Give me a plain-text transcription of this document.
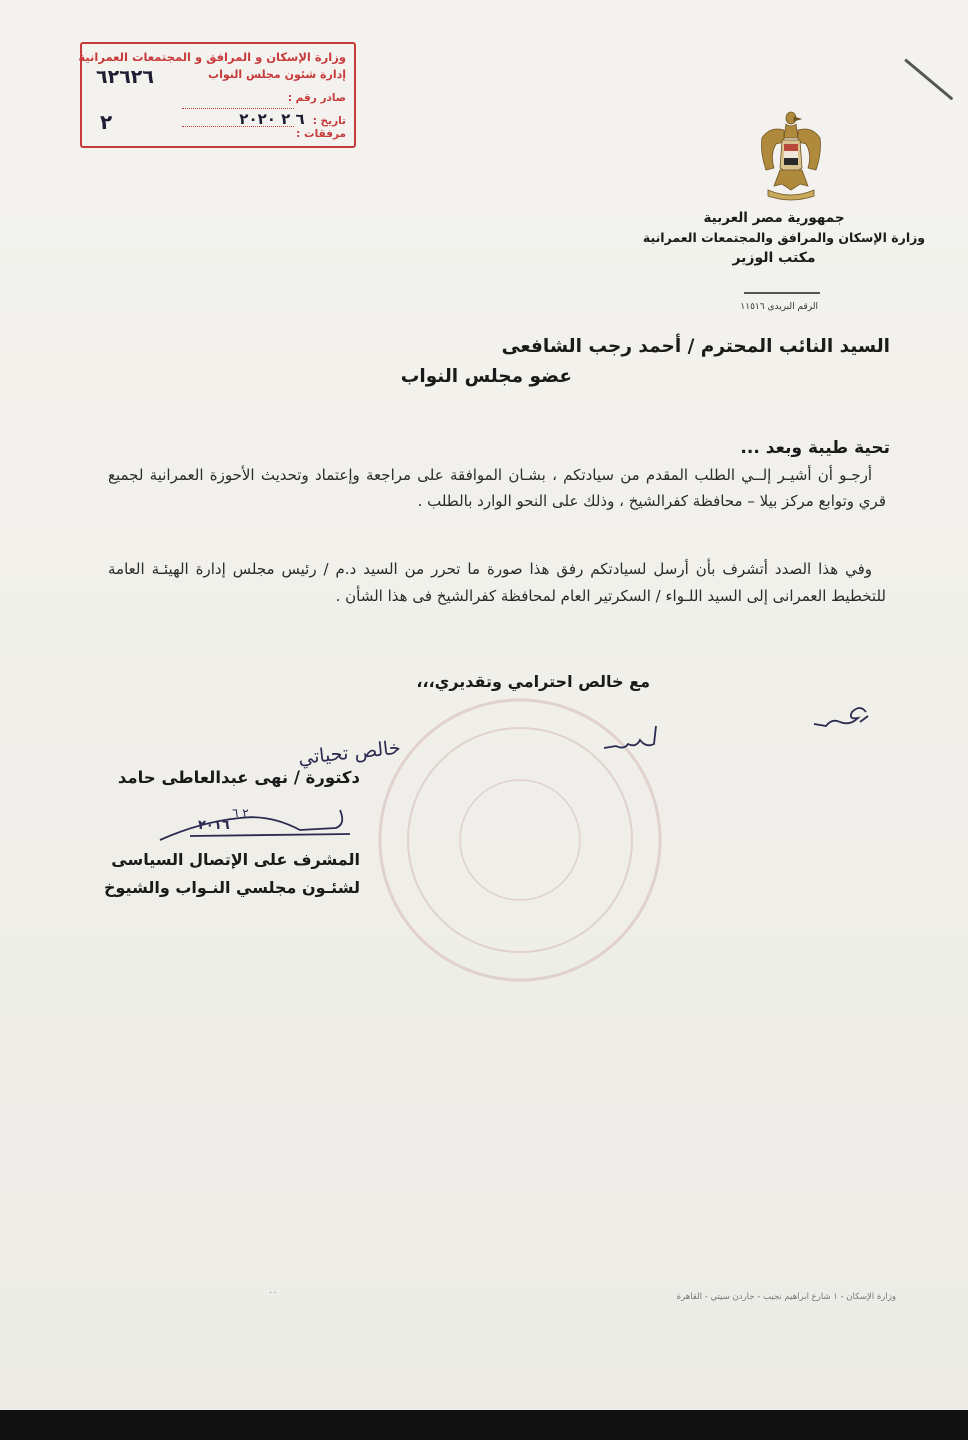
وزارة الإسكان و المرافق و المجتمعات العمرانية
إدارة شئون مجلس النواب
٦٢٦٢٦
صادر رقم :
تاريخ :٦ ٢ ٢٠٢٠
مرفقات :
٢
جمهورية مصر العربية
وزارة الإسكان والمرافق والمجتمعات العمرانية
مكتب الوزير
الرقم البريدى ١١٥١٦
السيد النائب المحترم / أحمد رجب الشافعى
عضو مجلس النواب
تحية طيبة وبعد ...
أرجـو أن أشيـر إلــي الطلب المقدم من سيادتكم ، بشـان الموافقة على مراجعة وإعتماد وتحديث الأحوزة العمرانية لجميع قري وتوابع مركز بيلا – محافظة كفرالشيخ ، وذلك على النحو الوارد بالطلب .
وفي هذا الصدد أتشرف بأن أرسل لسيادتكم رفق هذا صورة ما تحرر من السيد د.م / رئيس مجلس إدارة الهيئـة العامة للتخطيط العمرانى إلى السيد اللـواء / السكرتير العام لمحافظة كفرالشيخ فى هذا الشأن .
مع خالص احترامي وتقديري،،،
خالص تحياتي
دكتورة / نهى عبدالعاطى حامد
٢ ٦
٢٠١٦
المشرف على الإتصال السياسى
لشئـون مجلسي النـواب والشيوخ
٠٠	وزارة الإسكان - ١ شارع ابراهيم نجيب - جاردن سيتي - القاهرة
